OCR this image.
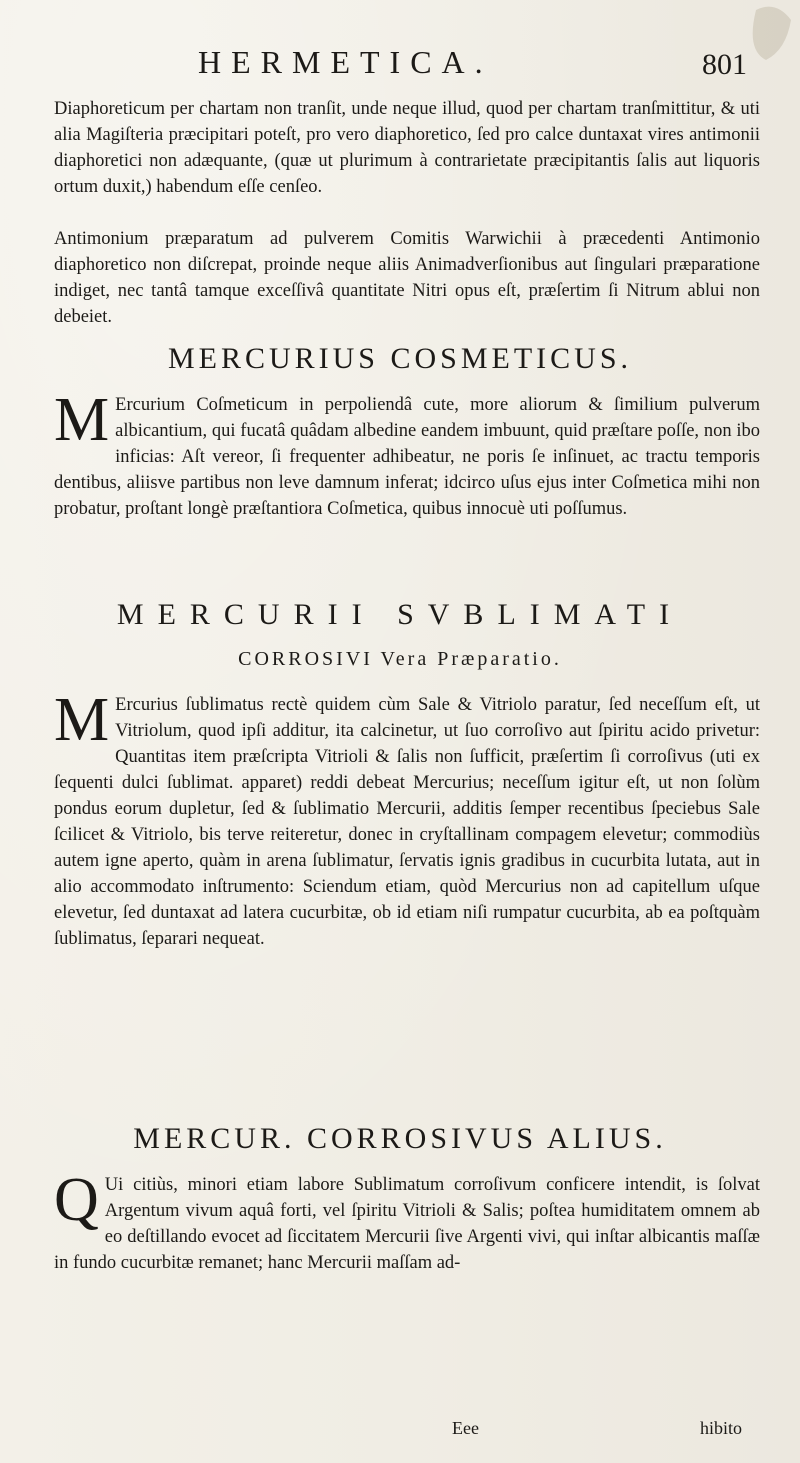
HERMETICA.	801
Diaphoreticum per chartam non tranſit, unde neque illud, quod per chartam tranſmittitur, & uti alia Magiſteria præcipitari poteſt, pro vero diaphoretico, ſed pro calce duntaxat vires antimonii diaphoretici non adæquante, (quæ ut plurimum à contrarietate præcipitantis ſalis aut liquoris ortum duxit,) habendum eſſe cenſeo.
Antimonium præparatum ad pulverem Comitis Warwichii à præcedenti Antimonio diaphoretico non diſcrepat, proinde neque aliis Animadverſionibus aut ſingulari præparatione indiget, nec tantâ tamque exceſſivâ quantitate Nitri opus eſt, præſertim ſi Nitrum ablui non debeiet.
MERCURIUS COSMETICUS.
M Ercurium Coſmeticum in perpoliendâ cute, more aliorum & ſimilium pulverum albicantium, qui fucatâ quâdam albedine eandem imbuunt, quid præſtare poſſe, non ibo inficias: Aſt vereor, ſi frequenter adhibeatur, ne poris ſe inſinuet, ac tractu temporis dentibus, aliisve partibus non leve damnum inferat; idcirco uſus ejus inter Coſmetica mihi non probatur, proſtant longè præſtantiora Coſmetica, quibus innocuè uti poſſumus.
MERCURII SVBLIMATI
CORROSIVI Vera Præparatio.
M Ercurius ſublimatus rectè quidem cùm Sale & Vitriolo paratur, ſed neceſſum eſt, ut Vitriolum, quod ipſi additur, ita calcinetur, ut ſuo corroſivo aut ſpiritu acido privetur: Quantitas item præſcripta Vitrioli & ſalis non ſufficit, præſertim ſi corroſivus (uti ex ſequenti dulci ſublimat. apparet) reddi debeat Mercurius; neceſſum igitur eſt, ut non ſolùm pondus eorum dupletur, ſed & ſublimatio Mercurii, additis ſemper recentibus ſpeciebus Sale ſcilicet & Vitriolo, bis terve reiteretur, donec in cryſtallinam compagem elevetur; commodiùs autem igne aperto, quàm in arena ſublimatur, ſervatis ignis gradibus in cucurbita lutata, aut in alio accommodato inſtrumento: Sciendum etiam, quòd Mercurius non ad capitellum uſque elevetur, ſed duntaxat ad latera cucurbitæ, ob id etiam niſi rumpatur cucurbita, ab ea poſtquàm ſublimatus, ſeparari nequeat.
MERCUR. CORROSIVUS ALIUS.
Q Ui citiùs, minori etiam labore Sublimatum corroſivum conficere intendit, is ſolvat Argentum vivum aquâ forti, vel ſpiritu Vitrioli & Salis; poſtea humiditatem omnem ab eo deſtillando evocet ad ſiccitatem Mercurii ſive Argenti vivi, qui inſtar albicantis maſſæ in fundo cucurbitæ remanet; hanc Mercurii maſſam ad-
Eee	hibito
